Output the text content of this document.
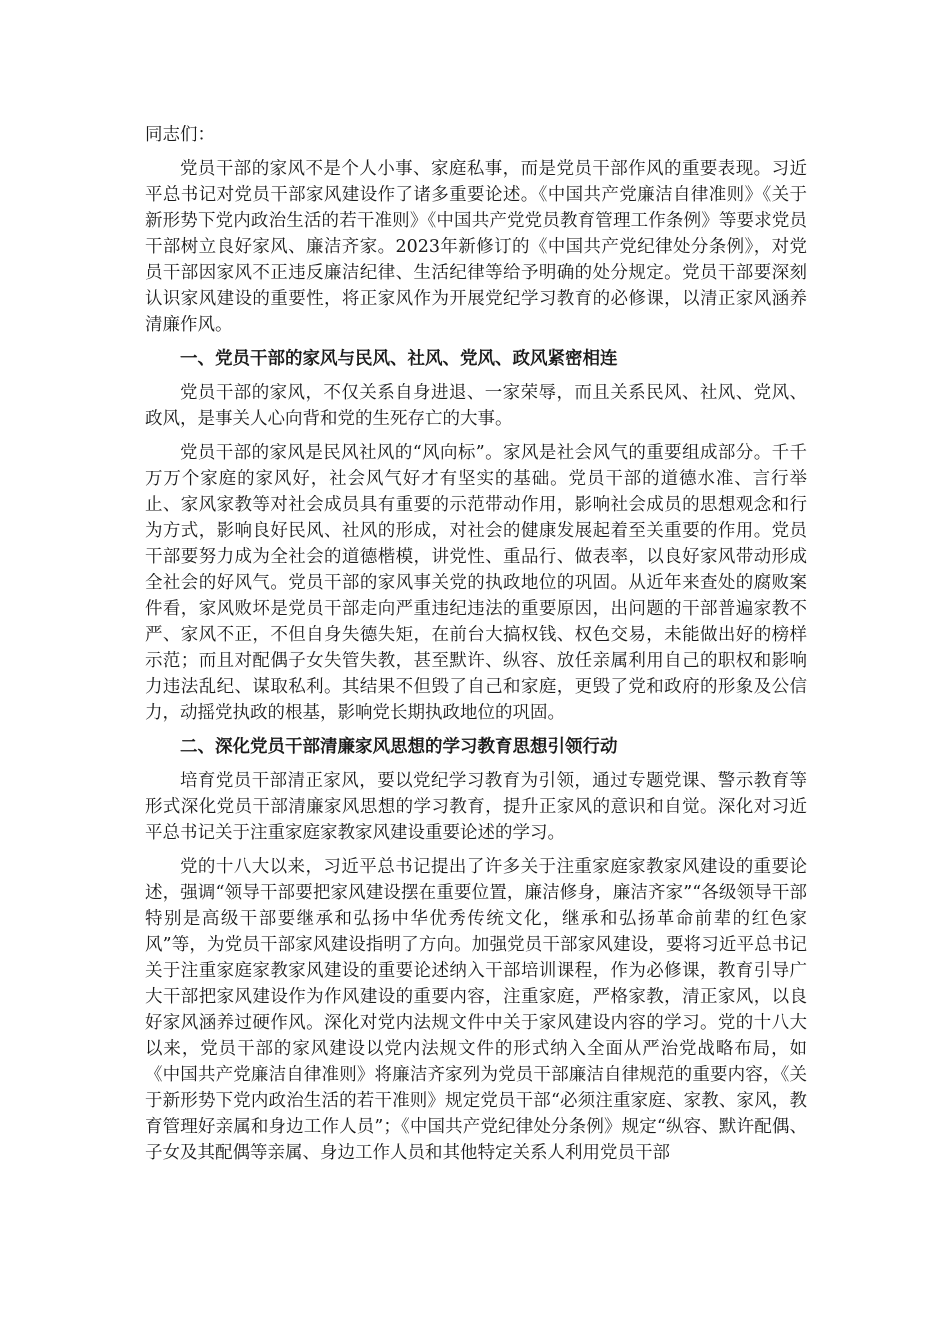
同志们：

党员干部的家风不是个人小事、家庭私事，而是党员干部作风的重要表现。习近平总书记对党员干部家风建设作了诸多重要论述。《中国共产党廉洁自律准则》《关于新形势下党内政治生活的若干准则》《中国共产党党员教育管理工作条例》等要求党员干部树立良好家风、廉洁齐家。2023年新修订的《中国共产党纪律处分条例》，对党员干部因家风不正违反廉洁纪律、生活纪律等给予明确的处分规定。党员干部要深刻认识家风建设的重要性，将正家风作为开展党纪学习教育的必修课，以清正家风涵养清廉作风。

一、党员干部的家风与民风、社风、党风、政风紧密相连

党员干部的家风，不仅关系自身进退、一家荣辱，而且关系民风、社风、党风、政风，是事关人心向背和党的生死存亡的大事。

党员干部的家风是民风社风的“风向标”。家风是社会风气的重要组成部分。千千万万个家庭的家风好，社会风气好才有坚实的基础。党员干部的道德水准、言行举止、家风家教等对社会成员具有重要的示范带动作用，影响社会成员的思想观念和行为方式，影响良好民风、社风的形成，对社会的健康发展起着至关重要的作用。党员干部要努力成为全社会的道德楷模，讲党性、重品行、做表率，以良好家风带动形成全社会的好风气。党员干部的家风事关党的执政地位的巩固。从近年来查处的腐败案件看，家风败坏是党员干部走向严重违纪违法的重要原因，出问题的干部普遍家教不严、家风不正，不但自身失德失矩，在前台大搞权钱、权色交易，未能做出好的榜样示范；而且对配偶子女失管失教，甚至默许、纵容、放任亲属利用自己的职权和影响力违法乱纪、谋取私利。其结果不但毁了自己和家庭，更毁了党和政府的形象及公信力，动摇党执政的根基，影响党长期执政地位的巩固。

二、深化党员干部清廉家风思想的学习教育思想引领行动

培育党员干部清正家风，要以党纪学习教育为引领，通过专题党课、警示教育等形式深化党员干部清廉家风思想的学习教育，提升正家风的意识和自觉。深化对习近平总书记关于注重家庭家教家风建设重要论述的学习。

党的十八大以来，习近平总书记提出了许多关于注重家庭家教家风建设的重要论述，强调“领导干部要把家风建设摆在重要位置，廉洁修身，廉洁齐家”“各级领导干部特别是高级干部要继承和弘扬中华优秀传统文化，继承和弘扬革命前辈的红色家风”等，为党员干部家风建设指明了方向。加强党员干部家风建设，要将习近平总书记关于注重家庭家教家风建设的重要论述纳入干部培训课程，作为必修课，教育引导广大干部把家风建设作为作风建设的重要内容，注重家庭，严格家教，清正家风，以良好家风涵养过硬作风。深化对党内法规文件中关于家风建设内容的学习。党的十八大以来，党员干部的家风建设以党内法规文件的形式纳入全面从严治党战略布局，如《中国共产党廉洁自律准则》将廉洁齐家列为党员干部廉洁自律规范的重要内容，《关于新形势下党内政治生活的若干准则》规定党员干部“必须注重家庭、家教、家风，教育管理好亲属和身边工作人员”；《中国共产党纪律处分条例》规定“纵容、默许配偶、子女及其配偶等亲属、身边工作人员和其他特定关系人利用党员干部
